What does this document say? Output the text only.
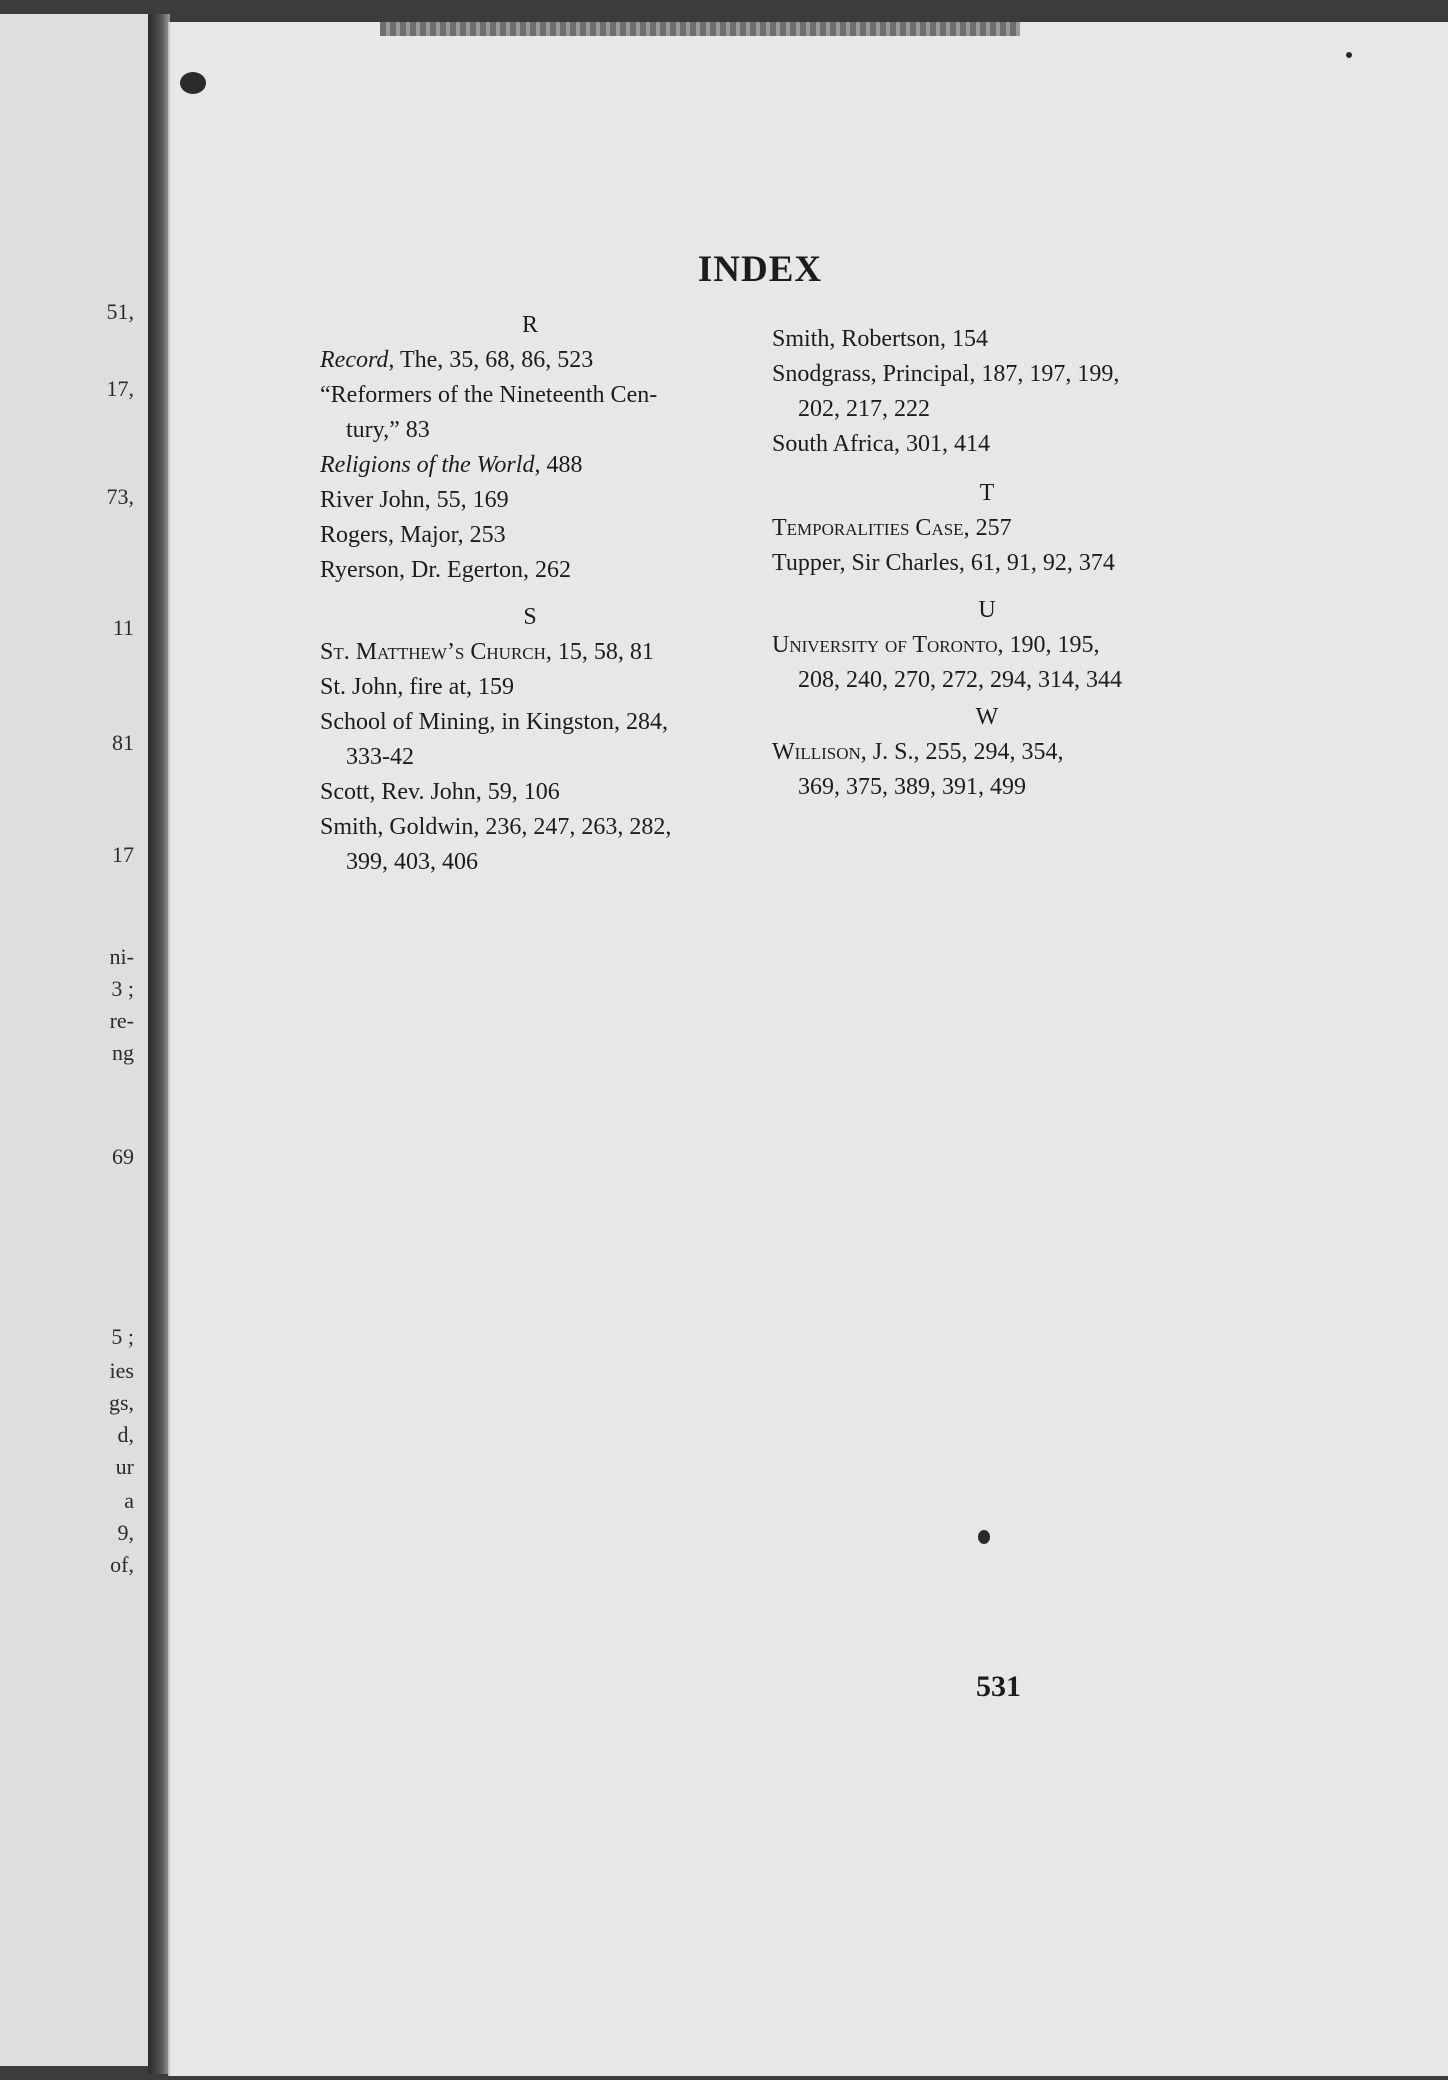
51,

17,

73,

11

81

17

ni-

3 ;

re-

ng

69

5 ;

ies

gs,

d,

ur

a

9,

of,

INDEX

R

Record, The, 35, 68, 86, 523

“Reformers of the Nineteenth Cen-

tury,” 83

Religions of the World, 488

River John, 55, 169

Rogers, Major, 253

Ryerson, Dr. Egerton, 262

S

St. Matthew’s Church, 15, 58, 81

St. John, fire at, 159

School of Mining, in Kingston, 284,

333-42

Scott, Rev. John, 59, 106

Smith, Goldwin, 236, 247, 263, 282,

399, 403, 406

Smith, Robertson, 154

Snodgrass, Principal, 187, 197, 199,

202, 217, 222

South Africa, 301, 414

T

Temporalities Case, 257

Tupper, Sir Charles, 61, 91, 92, 374

U

University of Toronto, 190, 195,

208, 240, 270, 272, 294, 314, 344

W

Willison, J. S., 255, 294, 354,

369, 375, 389, 391, 499

531
